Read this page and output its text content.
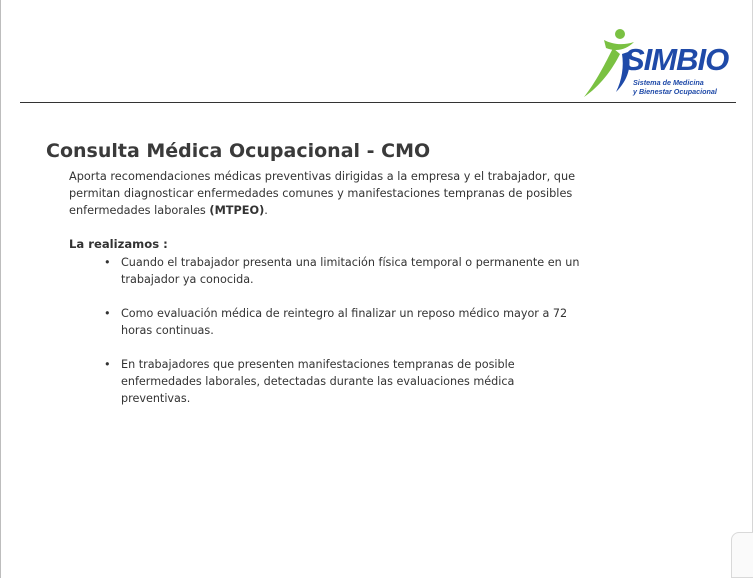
SIMBIO
Sistema de Medicina
y Bienestar Ocupacional
Consulta Médica Ocupacional - CMO

Aporta recomendaciones médicas preventivas dirigidas a la empresa y el trabajador, que permitan diagnosticar enfermedades comunes y manifestaciones tempranas de posibles enfermedades laborales (MTPEO).

La realizamos :

• Cuando el trabajador presenta una limitación física temporal o permanente en un trabajador ya conocida.
• Como evaluación médica de reintegro al finalizar un reposo médico mayor a 72 horas continuas.
• En trabajadores que presenten manifestaciones tempranas de posible enfermedades laborales, detectadas durante las evaluaciones médica preventivas.
